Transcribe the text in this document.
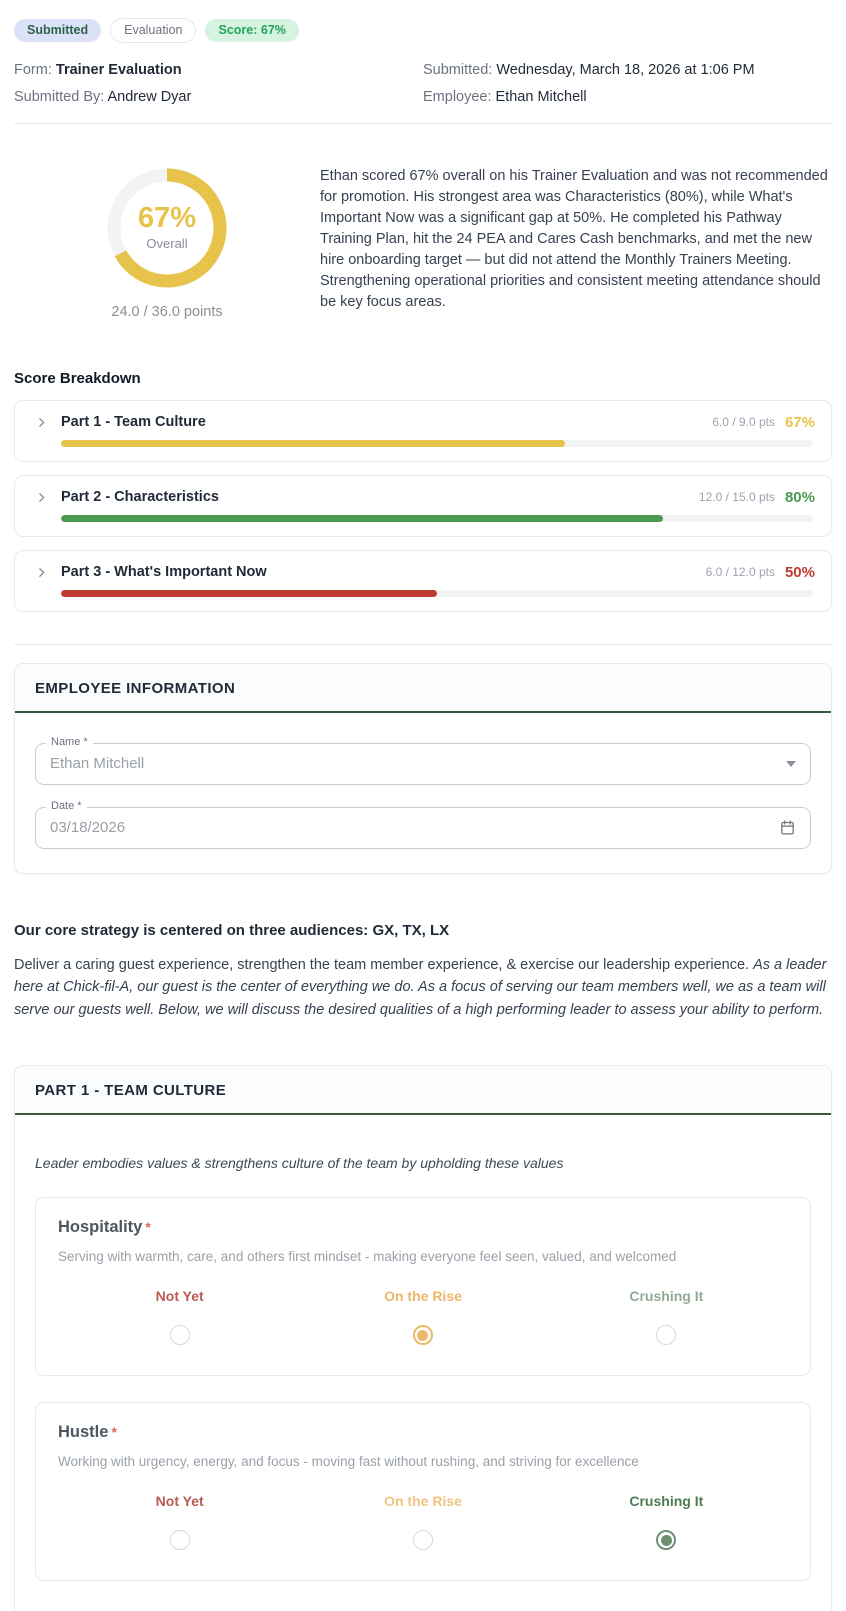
Submitted	Evaluation	Score: 67%
Form: Trainer Evaluation	Submitted: Wednesday, March 18, 2026 at 1:06 PM
Submitted By: Andrew Dyar	Employee: Ethan Mitchell
67%
Overall
24.0 / 36.0 points

Ethan scored 67% overall on his Trainer Evaluation and was not recommended for promotion. His strongest area was Characteristics (80%), while What's Important Now was a significant gap at 50%. He completed his Pathway Training Plan, hit the 24 PEA and Cares Cash benchmarks, and met the new hire onboarding target — but did not attend the Monthly Trainers Meeting. Strengthening operational priorities and consistent meeting attendance should be key focus areas.

Score Breakdown
Part 1 - Team Culture	6.0 / 9.0 pts 67%
Part 2 - Characteristics	12.0 / 15.0 pts 80%
Part 3 - What's Important Now	6.0 / 12.0 pts 50%
EMPLOYEE INFORMATION
Name *
Ethan Mitchell
Date *
03/18/2026
Our core strategy is centered on three audiences: GX, TX, LX

Deliver a caring guest experience, strengthen the team member experience, & exercise our leadership experience. As a leader here at Chick-fil-A, our guest is the center of everything we do. As a focus of serving our team members well, we as a team will serve our guests well. Below, we will discuss the desired qualities of a high performing leader to assess your ability to perform.

PART 1 - TEAM CULTURE

Leader embodies values & strengthens culture of the team by upholding these values

Hospitality *

Serving with warmth, care, and others first mindset - making everyone feel seen, valued, and welcomed

Not Yet	On the Rise	Crushing It
Hustle *

Working with urgency, energy, and focus - moving fast without rushing, and striving for excellence

Not Yet	On the Rise	Crushing It
